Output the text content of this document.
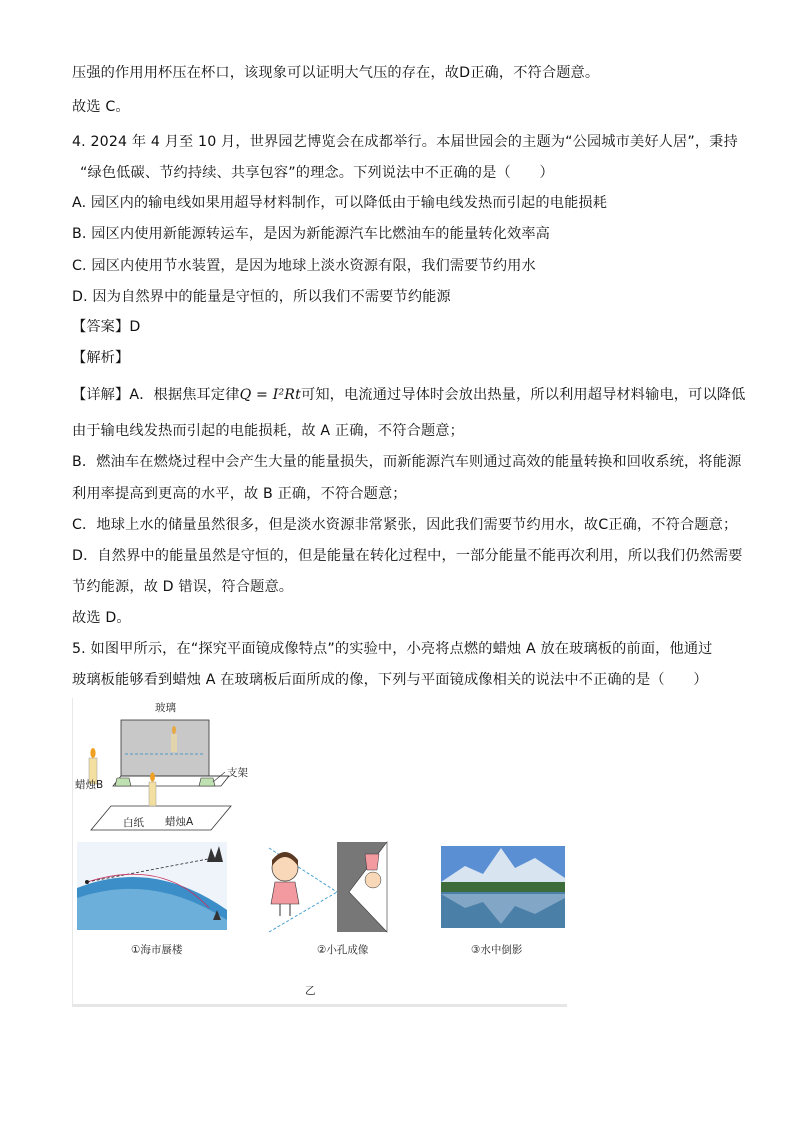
压强的作用用杯压在杯口，该现象可以证明大气压的存在，故D正确，不符合题意。
故选 C。
4. 2024 年 4 月至 10 月，世界园艺博览会在成都举行。本届世园会的主题为“公园城市美好人居”，秉持
“绿色低碳、节约持续、共享包容”的理念。下列说法中不正确的是（　　）
A. 园区内的输电线如果用超导材料制作，可以降低由于输电线发热而引起的电能损耗
B. 园区内使用新能源转运车，是因为新能源汽车比燃油车的能量转化效率高
C. 园区内使用节水装置，是因为地球上淡水资源有限，我们需要节约用水
D. 因为自然界中的能量是守恒的，所以我们不需要节约能源
【答案】D
【解析】
【详解】A．根据焦耳定律Q = I²Rt可知，电流通过导体时会放出热量，所以利用超导材料输电，可以降低
由于输电线发热而引起的电能损耗，故 A 正确，不符合题意；
B．燃油车在燃烧过程中会产生大量的能量损失，而新能源汽车则通过高效的能量转换和回收系统，将能源
利用率提高到更高的水平，故 B 正确，不符合题意；
C．地球上水的储量虽然很多，但是淡水资源非常紧张，因此我们需要节约用水，故C正确，不符合题意；
D．自然界中的能量虽然是守恒的，但是能量在转化过程中，一部分能量不能再次利用，所以我们仍然需要
节约能源，故 D 错误，符合题意。
故选 D。
5. 如图甲所示，在“探究平面镜成像特点”的实验中，小亮将点燃的蜡烛 A 放在玻璃板的前面，他通过
玻璃板能够看到蜡烛 A 在玻璃板后面所成的像，下列与平面镜成像相关的说法中不正确的是（　　）
玻璃
蜡烛B
支架
白纸 蜡烛A
①海市蜃楼	②小孔成像	③水中倒影
乙
